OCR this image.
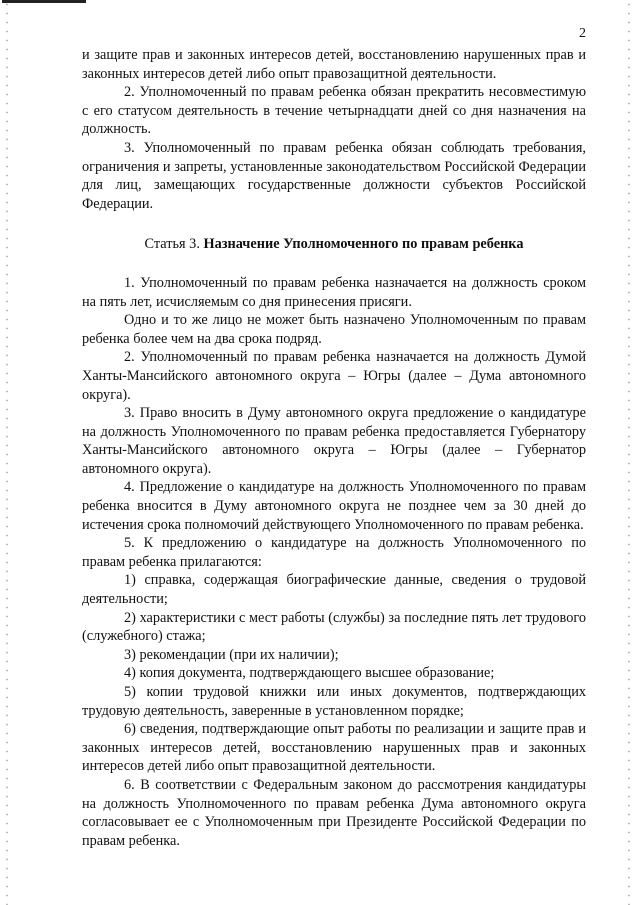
2

и защите прав и законных интересов детей, восстановлению нарушенных прав и законных интересов детей либо опыт правозащитной деятельности.

2. Уполномоченный по правам ребенка обязан прекратить несовместимую с его статусом деятельность в течение четырнадцати дней со дня назначения на должность.

3. Уполномоченный по правам ребенка обязан соблюдать требования, ограничения и запреты, установленные законодательством Российской Федерации для лиц, замещающих государственные должности субъектов Российской Федерации.

Статья 3. Назначение Уполномоченного по правам ребенка

1. Уполномоченный по правам ребенка назначается на должность сроком на пять лет, исчисляемым со дня принесения присяги.

Одно и то же лицо не может быть назначено Уполномоченным по правам ребенка более чем на два срока подряд.

2. Уполномоченный по правам ребенка назначается на должность Думой Ханты-Мансийского автономного округа – Югры (далее – Дума автономного округа).

3. Право вносить в Думу автономного округа предложение о кандидатуре на должность Уполномоченного по правам ребенка предоставляется Губернатору Ханты-Мансийского автономного округа – Югры (далее – Губернатор автономного округа).

4. Предложение о кандидатуре на должность Уполномоченного по правам ребенка вносится в Думу автономного округа не позднее чем за 30 дней до истечения срока полномочий действующего Уполномоченного по правам ребенка.

5. К предложению о кандидатуре на должность Уполномоченного по правам ребенка прилагаются:

1) справка, содержащая биографические данные, сведения о трудовой деятельности;

2) характеристики с мест работы (службы) за последние пять лет трудового (служебного) стажа;

3) рекомендации (при их наличии);

4) копия документа, подтверждающего высшее образование;

5) копии трудовой книжки или иных документов, подтверждающих трудовую деятельность, заверенные в установленном порядке;

6) сведения, подтверждающие опыт работы по реализации и защите прав и законных интересов детей, восстановлению нарушенных прав и законных интересов детей либо опыт правозащитной деятельности.

6. В соответствии с Федеральным законом до рассмотрения кандидатуры на должность Уполномоченного по правам ребенка Дума автономного округа согласовывает ее с Уполномоченным при Президенте Российской Федерации по правам ребенка.
